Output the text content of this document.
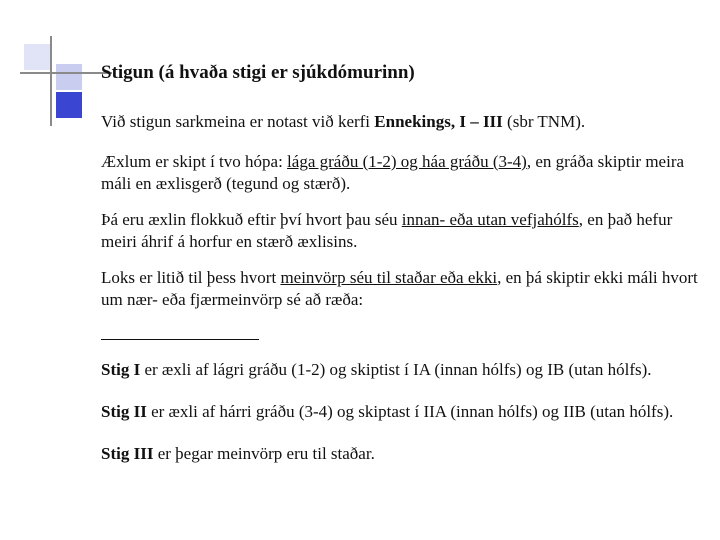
Stigun (á hvaða stigi er sjúkdómurinn)

Við stigun sarkmeina er notast við kerfi Ennekings, I – III (sbr TNM).

Æxlum er skipt í tvo hópa: lága gráðu (1-2) og háa gráðu (3-4), en gráða skiptir meira máli en æxlisgerð (tegund og stærð).

Þá eru æxlin flokkuð eftir því hvort þau séu innan- eða utan vefjahólfs, en það hefur meiri áhrif á horfur en stærð æxlisins.

Loks er litið til þess hvort meinvörp séu til staðar eða ekki, en þá skiptir ekki máli hvort um nær- eða fjærmeinvörp sé að ræða:

Stig I er æxli af lágri gráðu (1-2) og skiptist í IA (innan hólfs) og IB (utan hólfs).

Stig II er æxli af hárri gráðu (3-4) og skiptast í IIA (innan hólfs) og IIB (utan hólfs).

Stig III er þegar meinvörp eru til staðar.
